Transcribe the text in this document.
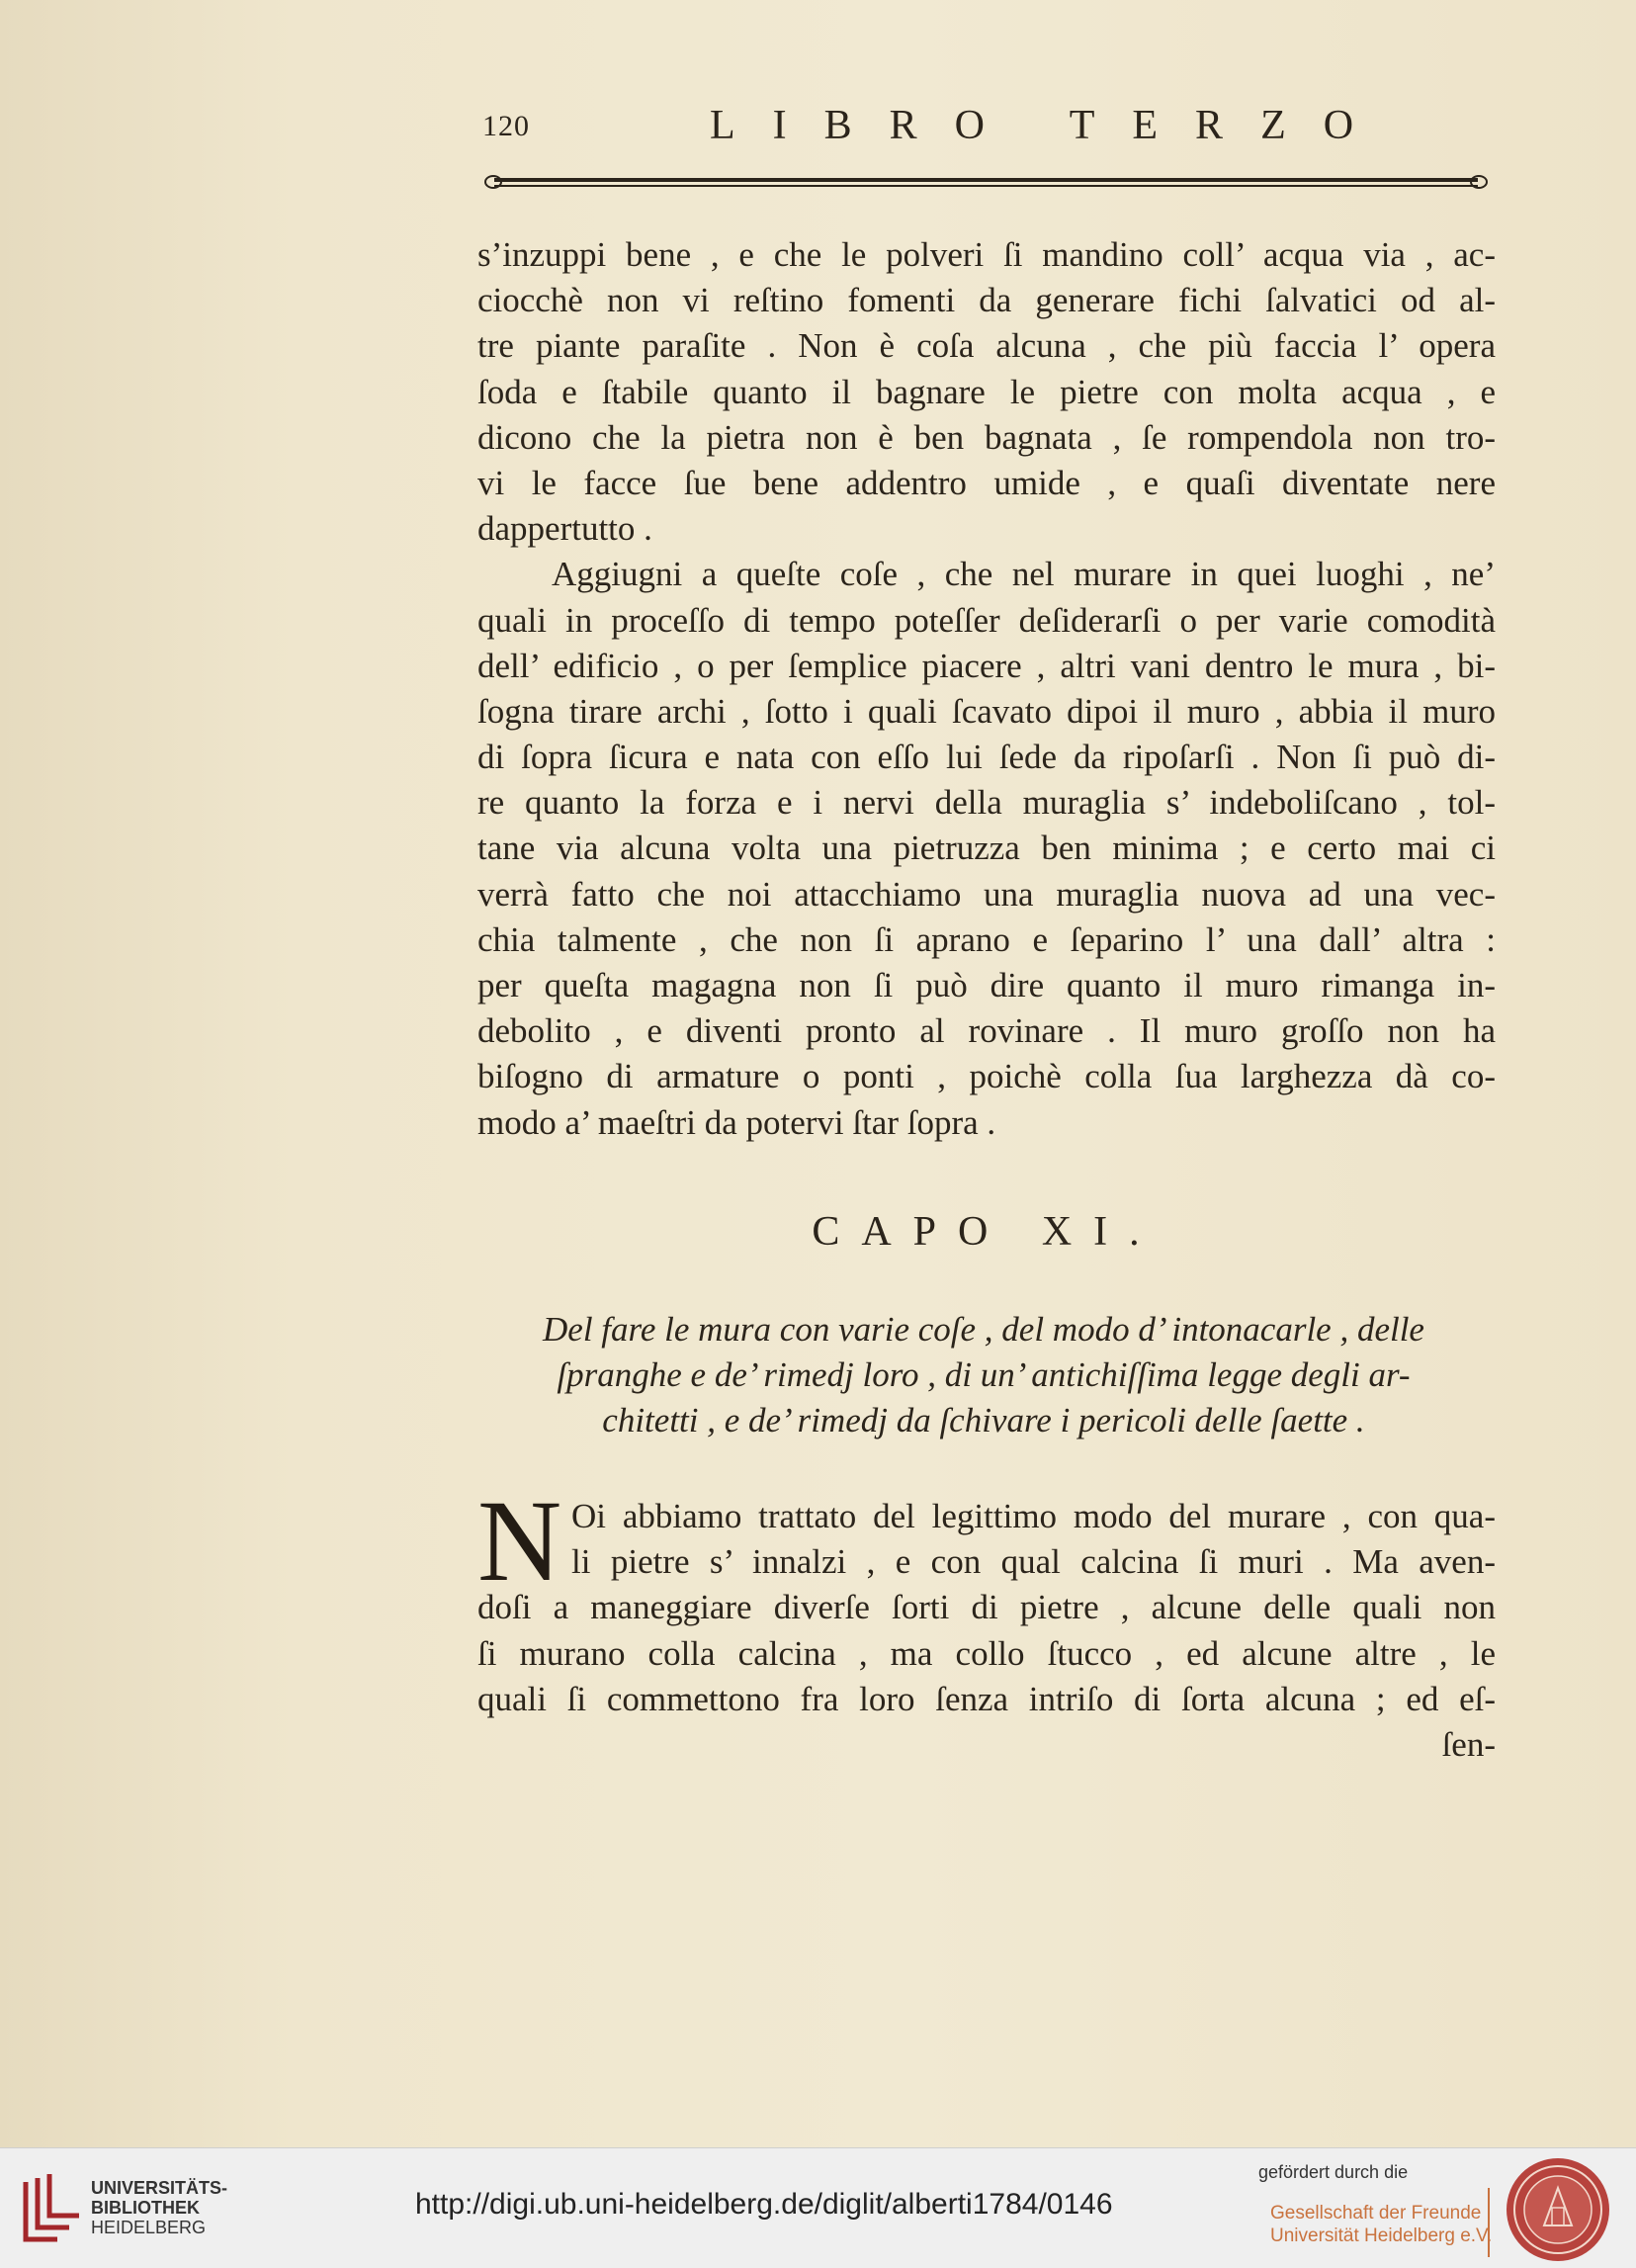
120	LIBRO TERZO
s’inzuppi bene , e che le polveri ſi mandino coll’ acqua via , ac-
ciocchè non vi reſtino fomenti da generare fichi ſalvatici od al-
tre piante paraſite . Non è coſa alcuna , che più faccia l’ opera
ſoda e ſtabile quanto il bagnare le pietre con molta acqua , e
dicono che la pietra non è ben bagnata , ſe rompendola non tro-
vi le facce ſue bene addentro umide , e quaſi diventate nere
dappertutto .
Aggiugni a queſte coſe , che nel murare in quei luoghi , ne’
quali in proceſſo di tempo poteſſer deſiderarſi o per varie comodità
dell’ edificio , o per ſemplice piacere , altri vani dentro le mura , bi-
ſogna tirare archi , ſotto i quali ſcavato dipoi il muro , abbia il muro
di ſopra ſicura e nata con eſſo lui ſede da ripoſarſi . Non ſi può di-
re quanto la forza e i nervi della muraglia s’ indeboliſcano , tol-
tane via alcuna volta una pietruzza ben minima ; e certo mai ci
verrà fatto che noi attacchiamo una muraglia nuova ad una vec-
chia talmente , che non ſi aprano e ſeparino l’ una dall’ altra :
per queſta magagna non ſi può dire quanto il muro rimanga in-
debolito , e diventi pronto al rovinare . Il muro groſſo non ha
biſogno di armature o ponti , poichè colla ſua larghezza dà co-
modo a’ maeſtri da potervi ſtar ſopra .
CAPO XI.
Del fare le mura con varie coſe , del modo d’ intonacarle , delle
ſpranghe e de’ rimedj loro , di un’ antichiſſima legge degli ar-
chitetti , e de’ rimedj da ſchivare i pericoli delle ſaette .
N Oi abbiamo trattato del legittimo modo del murare , con qua-
li pietre s’ innalzi , e con qual calcina ſi muri . Ma aven-
doſi a maneggiare diverſe ſorti di pietre , alcune delle quali non
ſi murano colla calcina , ma collo ſtucco , ed alcune altre , le
quali ſi commettono fra loro ſenza intriſo di ſorta alcuna ; ed eſ-
ſen-
UNIVERSITÄTS-
BIBLIOTHEK
HEIDELBERG
http://digi.ub.uni-heidelberg.de/diglit/alberti1784/0146
gefördert durch die
Gesellschaft der Freunde
Universität Heidelberg e.V.
